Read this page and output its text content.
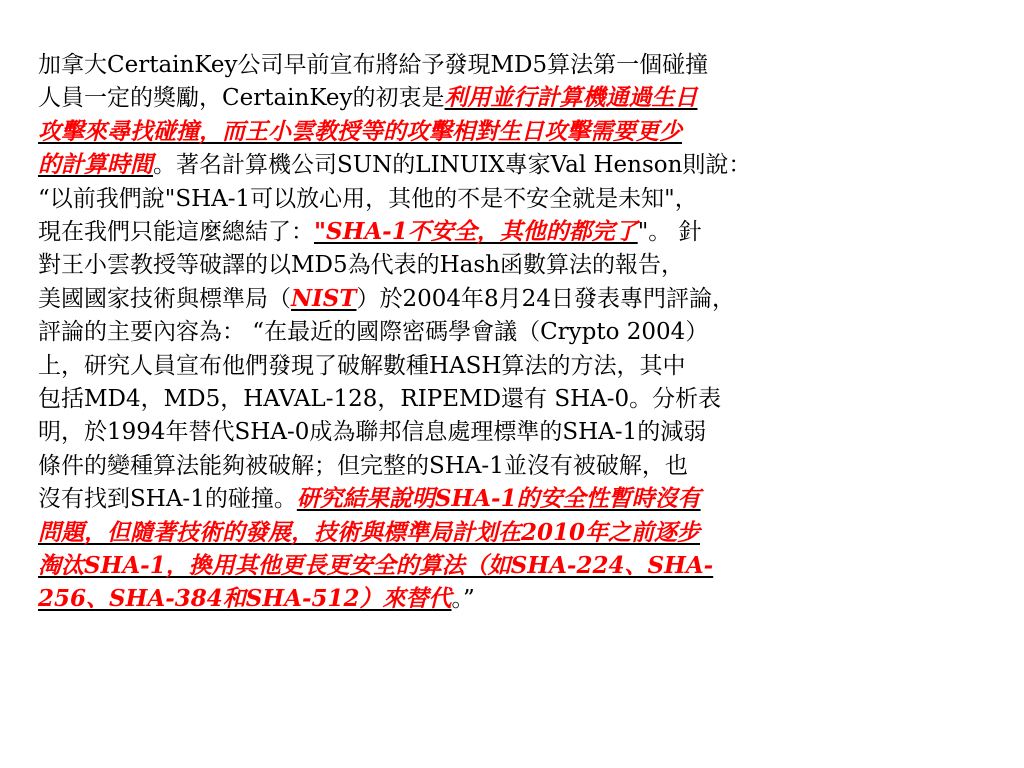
加拿大CertainKey公司早前宣布將給予發現MD5算法第一個碰撞
人員一定的獎勵，CertainKey的初衷是利用並行計算機通過生日
攻擊來尋找碰撞，而王小雲教授等的攻擊相對生日攻擊需要更少
的計算時間。著名計算機公司SUN的LINUIX專家Val Henson則說：
“以前我們說"SHA-1可以放心用，其他的不是不安全就是未知"，
現在我們只能這麼總結了："SHA-1不安全，其他的都完了"。 針
對王小雲教授等破譯的以MD5為代表的Hash函數算法的報告，
美國國家技術與標準局（NIST）於2004年8月24日發表專門評論，
評論的主要內容為： “在最近的國際密碼學會議（Crypto 2004）
上，研究人員宣布他們發現了破解數種HASH算法的方法，其中
包括MD4，MD5，HAVAL-128，RIPEMD還有 SHA-0。分析表
明，於1994年替代SHA-0成為聯邦信息處理標準的SHA-1的減弱
條件的變種算法能夠被破解；但完整的SHA-1並沒有被破解，也
沒有找到SHA-1的碰撞。研究結果說明SHA-1的安全性暫時沒有
問題，但隨著技術的發展，技術與標準局計划在2010年之前逐步
淘汰SHA-1，換用其他更長更安全的算法（如SHA-224、SHA-
256、SHA-384和SHA-512）來替代。”
